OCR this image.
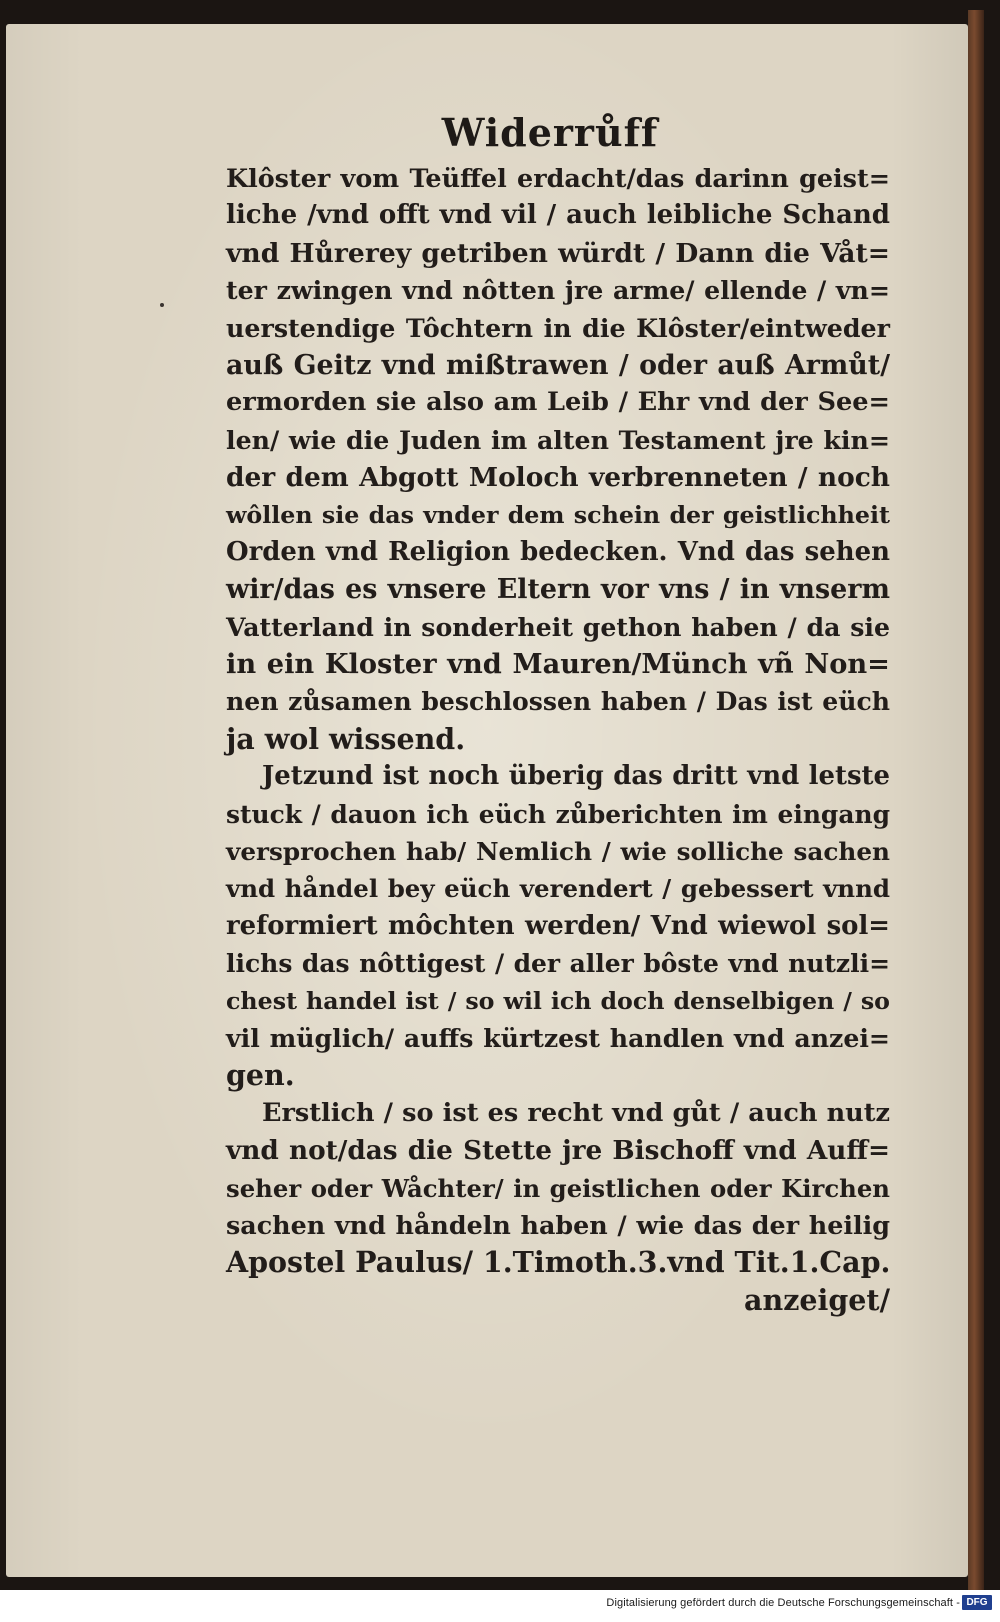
Widerrůff
Klôster vom Teüffel erdacht/das darinn geist=
liche /vnd offt vnd vil / auch leibliche Schand
vnd Hůrerey getriben würdt / Dann die Våt=
ter zwingen vnd nôtten jre arme/ ellende / vn=
uerstendige Tôchtern in die Klôster/eintweder
auß Geitz vnd mißtrawen / oder auß Armůt/
ermorden sie also am Leib / Ehr vnd der See=
len/ wie die Juden im alten Testament jre kin=
der dem Abgott Moloch verbrenneten / noch
wôllen sie das vnder dem schein der geistlichheit
Orden vnd Religion bedecken. Vnd das sehen
wir/das es vnsere Eltern vor vns / in vnserm
Vatterland in sonderheit gethon haben / da sie
in ein Kloster vnd Mauren/Münch vñ Non=
nen zůsamen beschlossen haben / Das ist eüch
ja wol wissend.
Jetzund ist noch überig das dritt vnd letste
stuck / dauon ich eüch zůberichten im eingang
versprochen hab/ Nemlich / wie solliche sachen
vnd håndel bey eüch verendert / gebessert vnnd
reformiert môchten werden/ Vnd wiewol sol=
lichs das nôttigest / der aller bôste vnd nutzli=
chest handel ist / so wil ich doch denselbigen / so
vil müglich/ auffs kürtzest handlen vnd anzei=
gen.
Erstlich / so ist es recht vnd gůt / auch nutz
vnd not/das die Stette jre Bischoff vnd Auff=
seher oder Wåchter/ in geistlichen oder Kirchen
sachen vnd håndeln haben / wie das der heilig
Apostel Paulus/ 1.Timoth.3.vnd Tit.1.Cap.
anzeiget/
Digitalisierung gefördert durch die Deutsche Forschungsgemeinschaft - DFG
